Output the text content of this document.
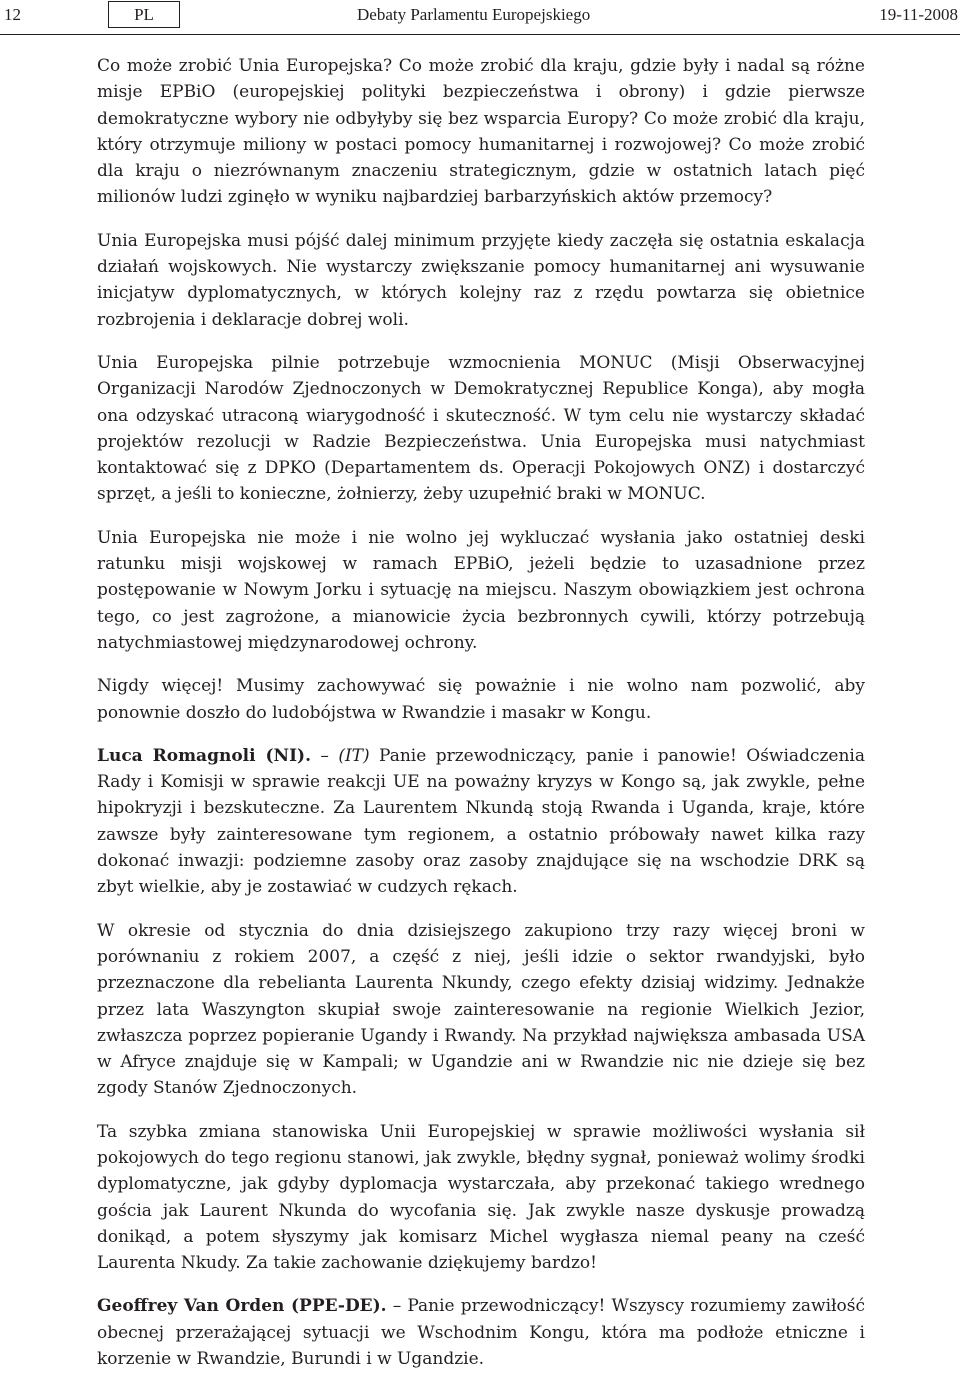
12	PL	Debaty Parlamentu Europejskiego	19-11-2008

Co może zrobić Unia Europejska? Co może zrobić dla kraju, gdzie były i nadal są różne misje EPBiO (europejskiej polityki bezpieczeństwa i obrony) i gdzie pierwsze demokratyczne wybory nie odbyłyby się bez wsparcia Europy? Co może zrobić dla kraju, który otrzymuje miliony w postaci pomocy humanitarnej i rozwojowej? Co może zrobić dla kraju o niezrównanym znaczeniu strategicznym, gdzie w ostatnich latach pięć milionów ludzi zginęło w wyniku najbardziej barbarzyńskich aktów przemocy?

Unia Europejska musi pójść dalej minimum przyjęte kiedy zaczęła się ostatnia eskalacja działań wojskowych. Nie wystarczy zwiększanie pomocy humanitarnej ani wysuwanie inicjatyw dyplomatycznych, w których kolejny raz z rzędu powtarza się obietnice rozbrojenia i deklaracje dobrej woli.

Unia Europejska pilnie potrzebuje wzmocnienia MONUC (Misji Obserwacyjnej Organizacji Narodów Zjednoczonych w Demokratycznej Republice Konga), aby mogła ona odzyskać utraconą wiarygodność i skuteczność. W tym celu nie wystarczy składać projektów rezolucji w Radzie Bezpieczeństwa. Unia Europejska musi natychmiast kontaktować się z DPKO (Departamentem ds. Operacji Pokojowych ONZ) i dostarczyć sprzęt, a jeśli to konieczne, żołnierzy, żeby uzupełnić braki w MONUC.

Unia Europejska nie może i nie wolno jej wykluczać wysłania jako ostatniej deski ratunku misji wojskowej w ramach EPBiO, jeżeli będzie to uzasadnione przez postępowanie w Nowym Jorku i sytuację na miejscu. Naszym obowiązkiem jest ochrona tego, co jest zagrożone, a mianowicie życia bezbronnych cywili, którzy potrzebują natychmiastowej międzynarodowej ochrony.

Nigdy więcej! Musimy zachowywać się poważnie i nie wolno nam pozwolić, aby ponownie doszło do ludobójstwa w Rwandzie i masakr w Kongu.

Luca Romagnoli (NI). – (IT) Panie przewodniczący, panie i panowie! Oświadczenia Rady i Komisji w sprawie reakcji UE na poważny kryzys w Kongo są, jak zwykle, pełne hipokryzji i bezskuteczne. Za Laurentem Nkundą stoją Rwanda i Uganda, kraje, które zawsze były zainteresowane tym regionem, a ostatnio próbowały nawet kilka razy dokonać inwazji: podziemne zasoby oraz zasoby znajdujące się na wschodzie DRK są zbyt wielkie, aby je zostawiać w cudzych rękach.

W okresie od stycznia do dnia dzisiejszego zakupiono trzy razy więcej broni w porównaniu z rokiem 2007, a część z niej, jeśli idzie o sektor rwandyjski, było przeznaczone dla rebelianta Laurenta Nkundy, czego efekty dzisiaj widzimy. Jednakże przez lata Waszyngton skupiał swoje zainteresowanie na regionie Wielkich Jezior, zwłaszcza poprzez popieranie Ugandy i Rwandy. Na przykład największa ambasada USA w Afryce znajduje się w Kampali; w Ugandzie ani w Rwandzie nic nie dzieje się bez zgody Stanów Zjednoczonych.

Ta szybka zmiana stanowiska Unii Europejskiej w sprawie możliwości wysłania sił pokojowych do tego regionu stanowi, jak zwykle, błędny sygnał, ponieważ wolimy środki dyplomatyczne, jak gdyby dyplomacja wystarczała, aby przekonać takiego wrednego gościa jak Laurent Nkunda do wycofania się. Jak zwykle nasze dyskusje prowadzą donikąd, a potem słyszymy jak komisarz Michel wygłasza niemal peany na cześć Laurenta Nkudy. Za takie zachowanie dziękujemy bardzo!

Geoffrey Van Orden (PPE-DE). – Panie przewodniczący! Wszyscy rozumiemy zawiłość obecnej przerażającej sytuacji we Wschodnim Kongu, która ma podłoże etniczne i korzenie w Rwandzie, Burundi i w Ugandzie.
